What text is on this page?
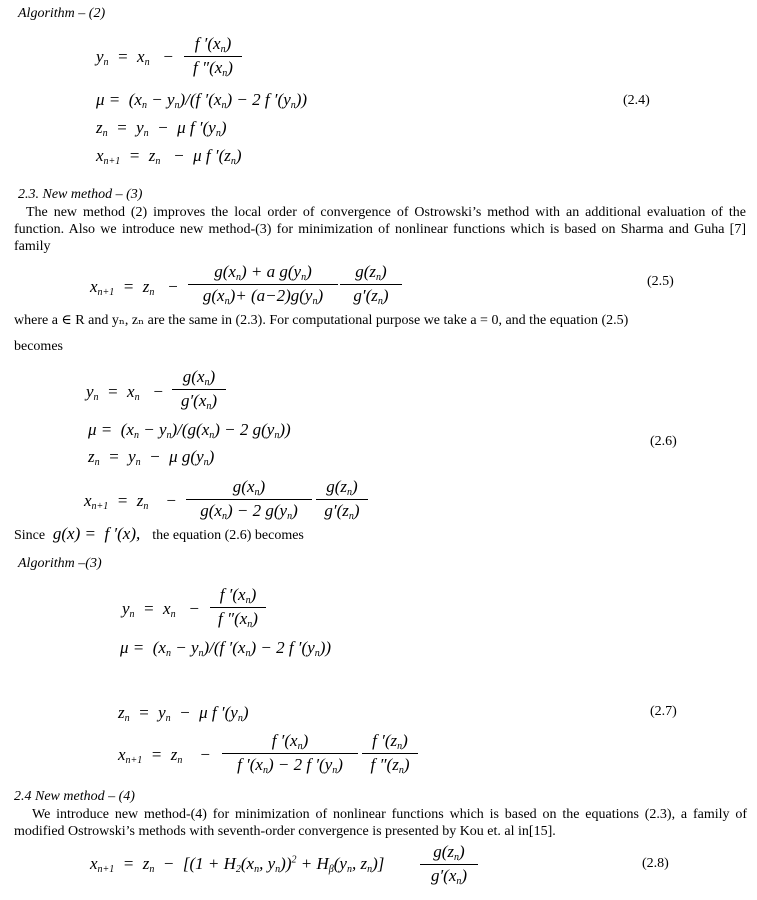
Algorithm – (2)
$y_n = x_n - \frac{f '(x_n)}{f ''(x_n)}$
$\mu = (x_n - y_n)/(f$ $'(x_n) - 2$ f $'(y_n)$)
$z_n = y_n - \mu$ f $'(y_n)$
$x_{n+1} = z_n - \mu$ f $'(z_n)$
(2.4)
2.3. New method – (3)
The new method (2) improves the local order of convergence of Ostrowski’s method with an additional evaluation of the function. Also we introduce new method-(3) for minimization of nonlinear functions which is based on Sharma and Guha [7] family
$x_{n+1} = z_n - \frac{g(x_n) + a g(y_n)}{g(x_n)+ (a-2)g(y_n)} \frac{g(z_n)}{g'(z_n)}$	(2.5)
where a ∈ R and yₙ, zₙ are the same in (2.3). For computational purpose we take a = 0, and the equation (2.5)
becomes
$y_n = x_n - \frac{g(x_n)}{g'(x_n)}$
$\mu = (x_n - y_n)/(g(x_n) - 2$ $g(y_n)$)
$z_n = y_n - \mu$ $g(y_n)$
$x_{n+1} = z_n$    − $\frac{g(x_n)}{g(x_n) - 2 g(y_n)} \frac{g(z_n)}{g'(z_n)}$
(2.6)
Since  g(x) =  f ′(x),   the equation (2.6) becomes
Algorithm –(3)
$y_n = x_n - \frac{f '(x_n)}{f ''(x_n)}$
$\mu = (x_n - y_n)/(f$ $'(x_n) - 2$ f $'(y_n)$)
$z_n = y_n - \mu$ f $'(y_n)$
$x_{n+1} = z_n$    − $\frac{f '(x_n)}{f '(x_n) - 2 f '(y_n)} \frac{f '(z_n)}{f ''(z_n)}$
(2.7)
2.4 New method – (4)
We introduce new method-(4) for minimization of nonlinear functions which is based on the equations (2.3), a family of modified Ostrowski’s methods with seventh-order convergence is presented by Kou et. al in[15].
$x_{n+1} = z_n - [(1 + H_2(x_n$, $y_n))^2 + H_\beta(y_n$, $z_n)] \frac{g(z_n)}{g'(x_n)}$	(2.8)
